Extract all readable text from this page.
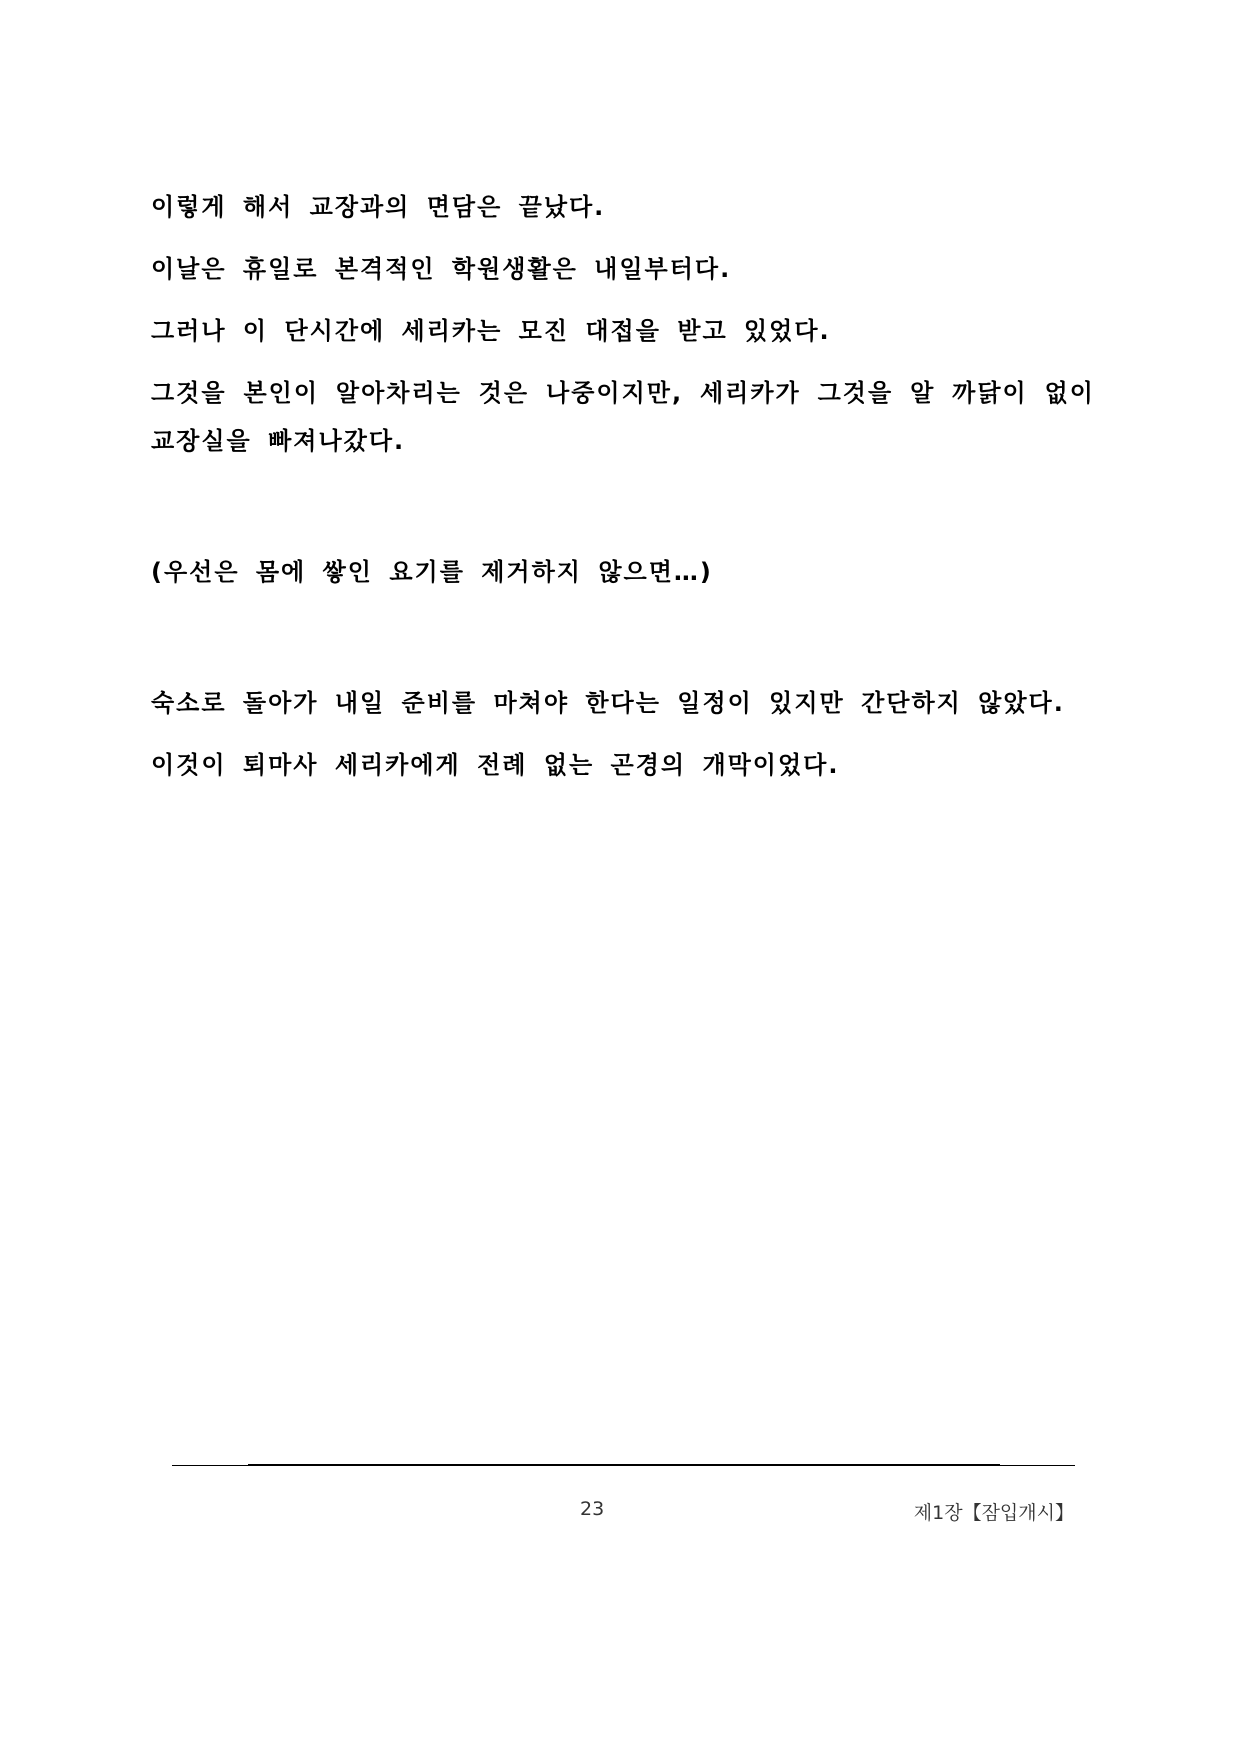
이렇게 해서 교장과의 면담은 끝났다.

이날은 휴일로 본격적인 학원생활은 내일부터다.

그러나 이 단시간에 세리카는 모진 대접을 받고 있었다.

그것을 본인이 알아차리는 것은 나중이지만, 세리카가 그것을 알 까닭이 없이 교장실을 빠져나갔다.

(우선은 몸에 쌓인 요기를 제거하지 않으면…)

숙소로 돌아가 내일 준비를 마쳐야 한다는 일정이 있지만 간단하지 않았다.

이것이 퇴마사 세리카에게 전례 없는 곤경의 개막이었다.

23	제1장【잠입개시】
